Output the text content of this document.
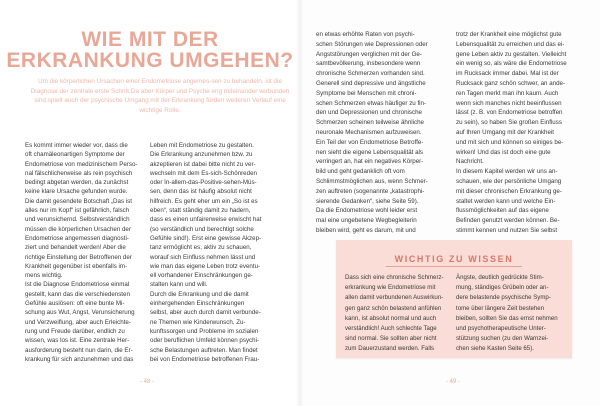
WIE MIT DER
ERKRANKUNG UMGEHEN?
Um die körperlichen Ursachen einer Endometriose angemes-sen zu behandeln, ist die Diagnose der zentrale erste Schritt.Da aber Körper und Psyche eng miteinander verbunden sind,spielt auch der psychische Umgang mit der Erkrankung fürden weiteren Verlauf eine wichtige Rolle.
Es kommt immer wieder vor, dass die
oft chamäleonartigen Symptome der
Endometriose von medizinischem Perso-
nal fälschlicherweise als rein psychisch
bedingt abgetan werden, da zunächst
keine klare Ursache gefunden wurde.
Die damit gesendete Botschaft „Das ist
alles nur im Kopf“ ist gefährlich, falsch
und verunsichernd. Selbstverständlich
müssen die körperlichen Ursachen der
Endometriose angemessen diagnosti-
ziert und behandelt werden! Aber die
richtige Einstellung der Betroffenen der
Krankheit gegenüber ist ebenfalls im-
mens wichtig.
Ist die Diagnose Endometriose einmal
gestellt, kann das die verschiedensten
Gefühle auslösen: oft eine bunte Mi-
schung aus Wut, Angst, Verunsicherung
und Verzweiflung, aber auch Erleichte-
rung und Freude darüber, endlich zu
wissen, was los ist. Eine zentrale Her-
ausforderung besteht nun darin, die Er-
krankung für sich anzunehmen und das
Leben mit Endometriose zu gestalten.
Die Erkrankung anzunehmen bzw. zu
akzeptieren ist dabei bitte nicht zu ver-
wechseln mit dem Es-sich-Schönreden
oder In-allem-das-Positive-sehen-Müs-
sen, denn das ist häufig absolut nicht
hilfreich. Es geht eher um ein „So ist es
eben“, statt ständig damit zu hadern,
dass es einen unfairerweise erwischt hat
(so verständlich und berechtigt solche
Gefühle sind!). Erst eine gewisse Akzep-
tanz ermöglicht es, aktiv zu schauen,
worauf sich Einfluss nehmen lässt und
wie man das eigene Leben trotz eventu-
ell vorhandener Einschränkungen ge-
stalten kann und will.
Durch die Erkrankung und die damit
einhergehenden Einschränkungen
selbst, aber auch durch damit verbunde-
ne Themen wie Kinderwunsch, Zu-
kunftssorgen und Probleme im sozialen
oder beruflichen Umfeld können psychi-
sche Belastungen auftreten. Man findet
bei von Endometriose betroffenen Frau-
- 48 -
en etwas erhöhte Raten von psychi-
schen Störungen wie Depressionen oder
Angststörungen verglichen mit der Ge-
samtbevölkerung, insbesondere wenn
chronische Schmerzen vorhanden sind.
Generell sind depressive und ängstliche
Symptome bei Menschen mit chroni-
schen Schmerzen etwas häufiger zu fin-
den und Depressionen und chronische
Schmerzen scheinen teilweise ähnliche
neuronale Mechanismen aufzuweisen.
Ein Teil der von Endometriose Betroffe-
nen sieht die eigene Lebensqualität als
verringert an, hat ein negatives Körper-
bild und geht gedanklich oft vom
Schlimmstmöglichen aus, wenn Schmer-
zen auftreten (sogenannte „katastrophi-
sierende Gedanken“, siehe Seite 59).
Da die Endometriose wohl leider erst
mal eine ungebetene Wegbegleiterin
bleiben wird, geht es darum, mit und
trotz der Krankheit eine möglichst gute
Lebensqualität zu erreichen und das ei-
gene Leben aktiv zu gestalten. Vielleicht
ein wenig so, als wäre die Endometriose
im Rucksack immer dabei. Mal ist der
Rucksack ganz schön schwer, an ande-
ren Tagen merkt man ihn kaum. Auch
wenn sich manches nicht beeinflussen
lässt (z. B. von Endometriose betroffen
zu sein), so haben Sie großen Einfluss
auf Ihren Umgang mit der Krankheit
und mit sich und können so einiges be-
wirken! Und das ist doch eine gute
Nachricht.
In diesem Kapitel werden wir uns an-
schauen, wie der persönliche Umgang
mit dieser chronischen Erkrankung ge-
staltet werden kann und welche Ein-
flussmöglichkeiten auf das eigene
Befinden genutzt werden können. Be-
stimmt kennen und nutzen Sie selbst
- 49 -
WICHTIG ZU WISSEN
Dass sich eine chronische Schmerz-
erkrankung wie Endometriose mit
allen damit verbundenen Auswirkun-
gen ganz schön belastend anfühlen
kann, ist absolut normal und auch
verständlich! Auch schlechte Tage
sind normal. Sie sollten aber nicht
zum Dauerzustand werden. Falls
Ängste, deutlich gedrückte Stim-
mung, ständiges Grübeln oder an-
dere belastende psychische Symp-
tome über längere Zeit bestehen
bleiben, sollten Sie das ernst nehmen
und psychotherapeutische Unter-
stützung suchen (zu den Warnzei-
chen siehe Kasten Seite 65).
